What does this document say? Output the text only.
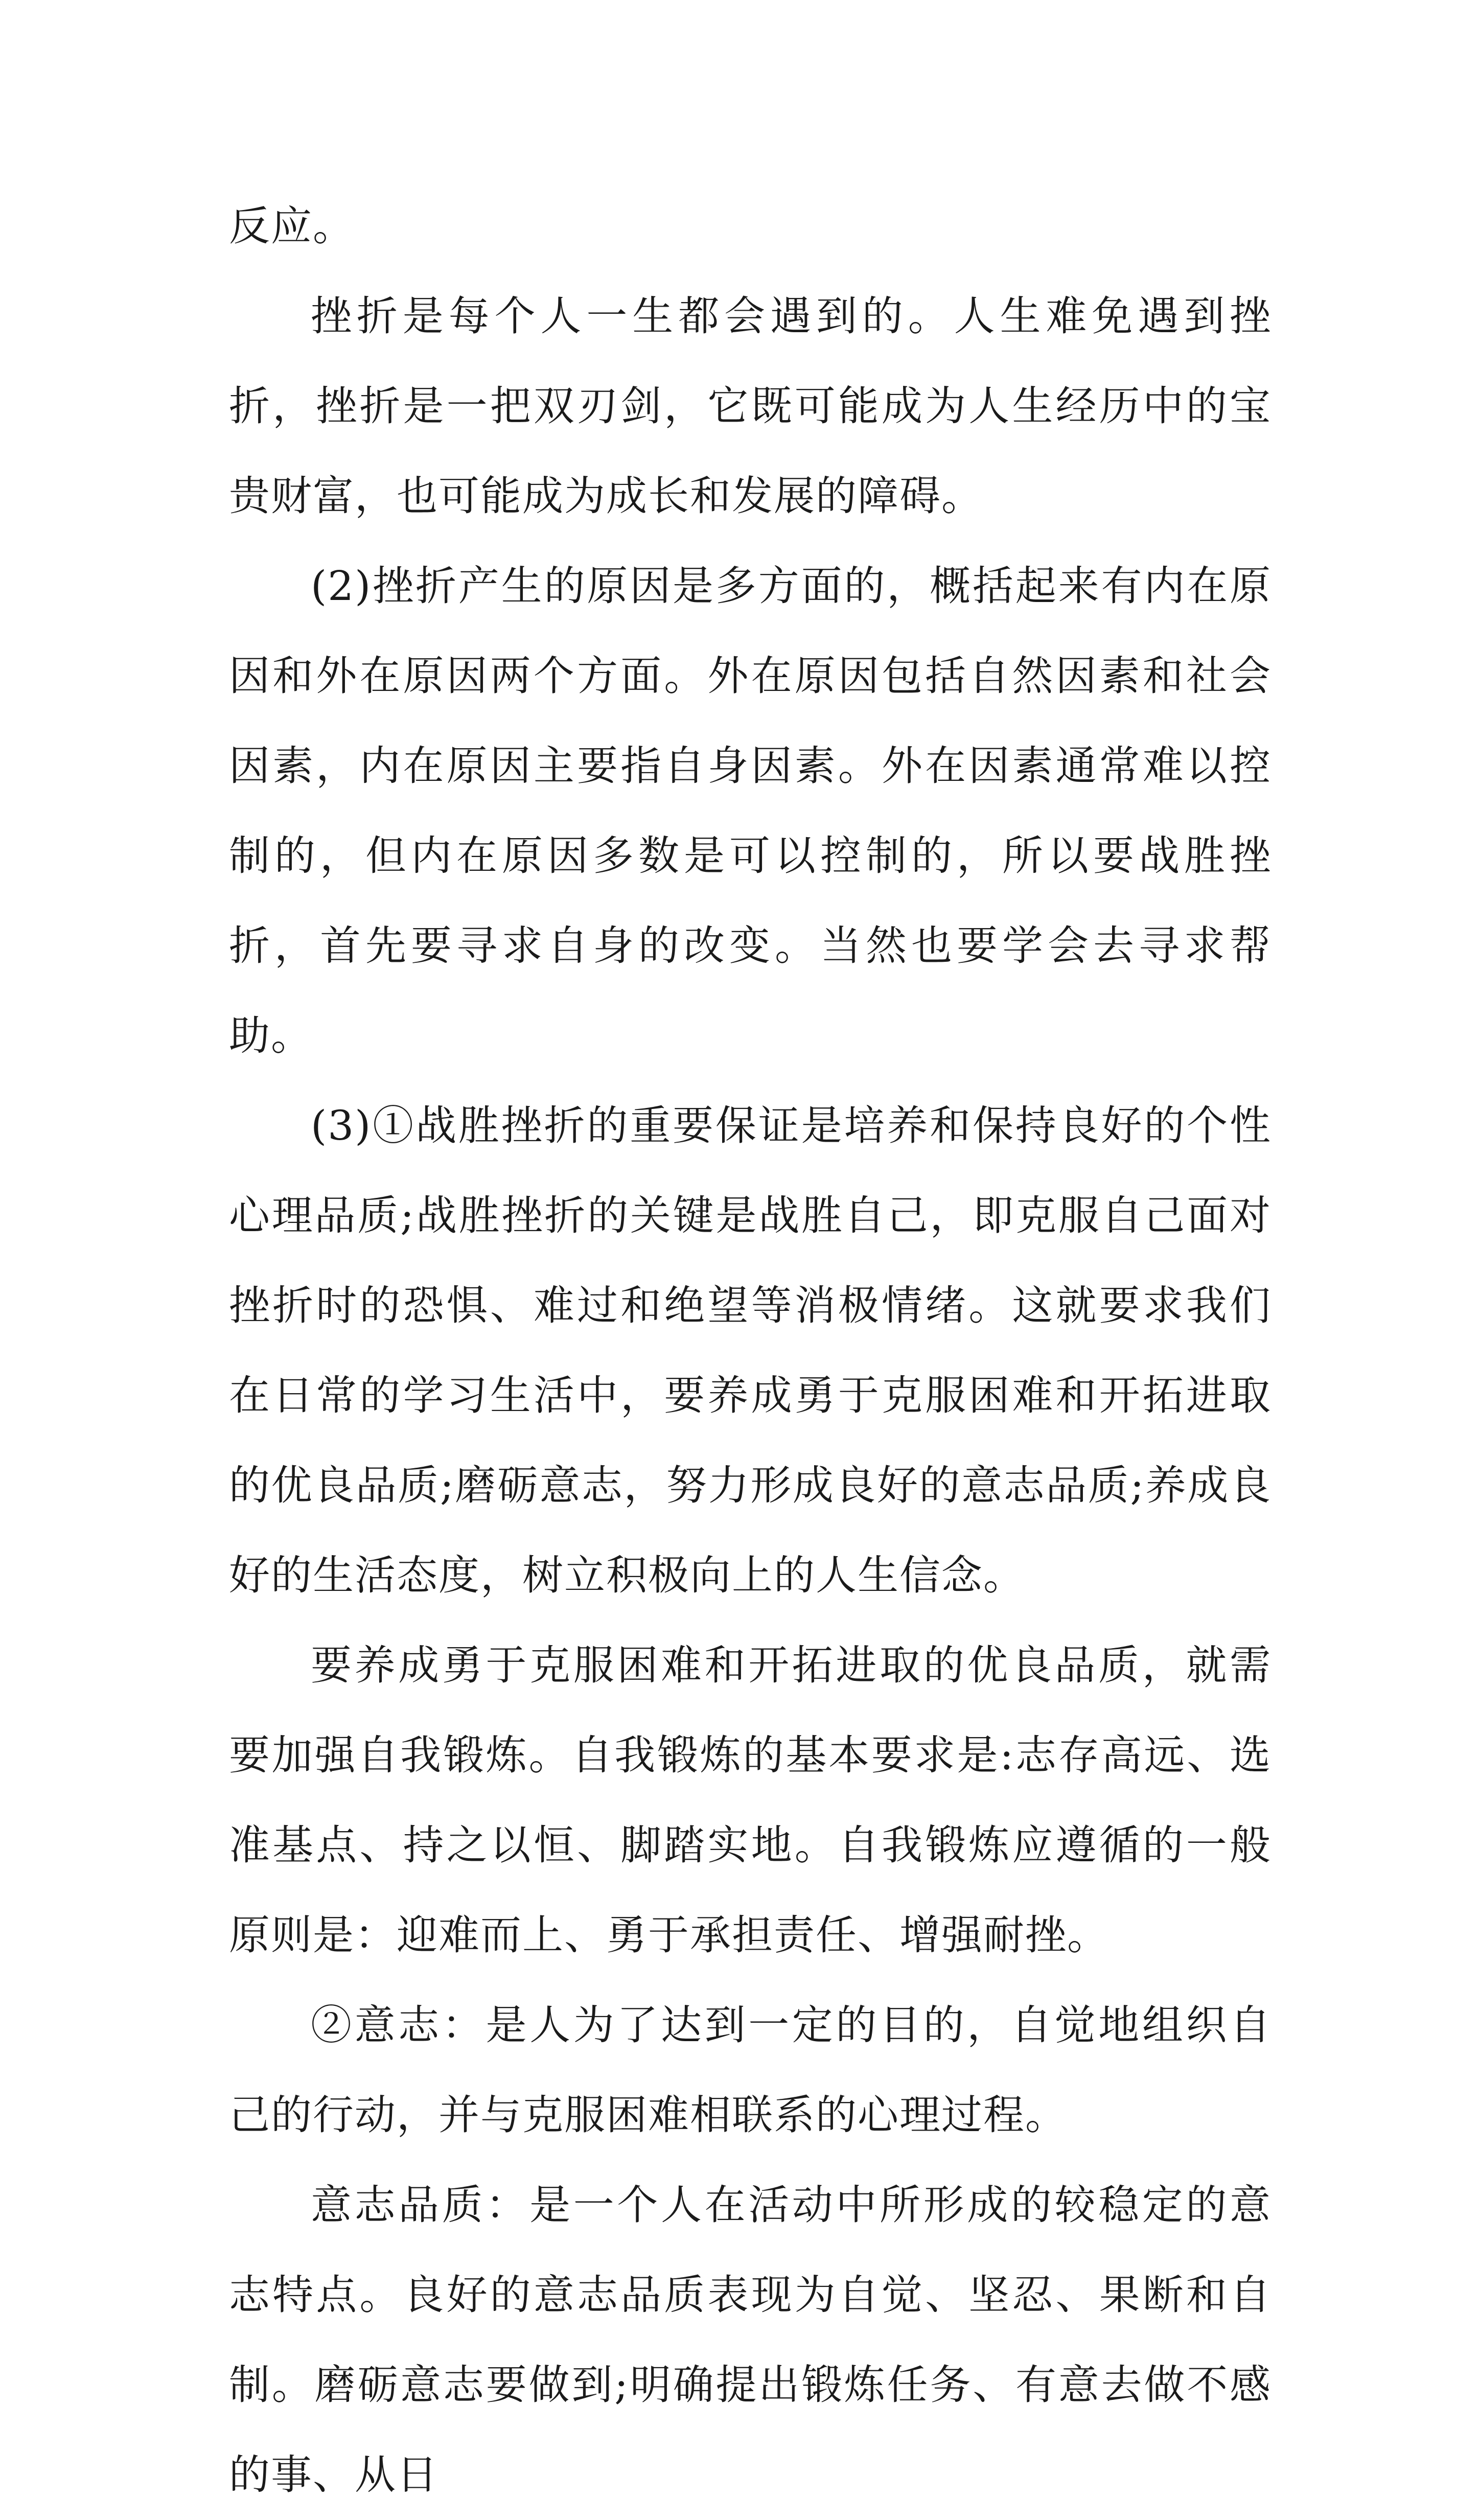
反应。

挫折是每个人一生都会遇到的。人生难免遇到挫折，挫折是一把双刃剑，它既可能成为人生经历中的宝贵财富，也可能成为成长和发展的障碍。

(2)挫折产生的原因是多方面的，概括起来有内在原因和外在原因两个方面。外在原因包括自然因素和社会因素，内在原因主要指自身因素。外在因素通常难以控制的，但内在原因多数是可以控制的，所以要战胜挫折，首先要寻求自身的改变。当然也要学会去寻求帮助。

(3)①战胜挫折的重要保证是培养和保持良好的个性心理品质;战胜挫折的关键是战胜自己，即克服自己面对挫折时的恐惧、难过和绝望等消极情绪。这就要求我们在日常的学习生活中，要养成勇于克服困难和开拓进取的优良品质;磨砺意志，努力形成良好的意志品质;养成良好的生活态度，树立积极向上的人生信念。

要养成勇于克服困难和开拓进取的优良品质，就需要加强自我锻炼。自我锻炼的基本要求是:志存高远、选准基点、持之以恒、脚踏实地。自我锻炼应遵循的一般原则是：迎难而上、勇于承担责任、增强耐挫。

②意志：是人为了达到一定的目的，自觉地组织自己的行动，并与克服困难相联系的心理过程。

意志品质：是一个人在活动中所形成的较稳定的意志特点。良好的意志品质表现为自觉、坚忍、果断和自制。磨砺意志要做到;明确提出锻炼任务、有意去做不感的事、从日
